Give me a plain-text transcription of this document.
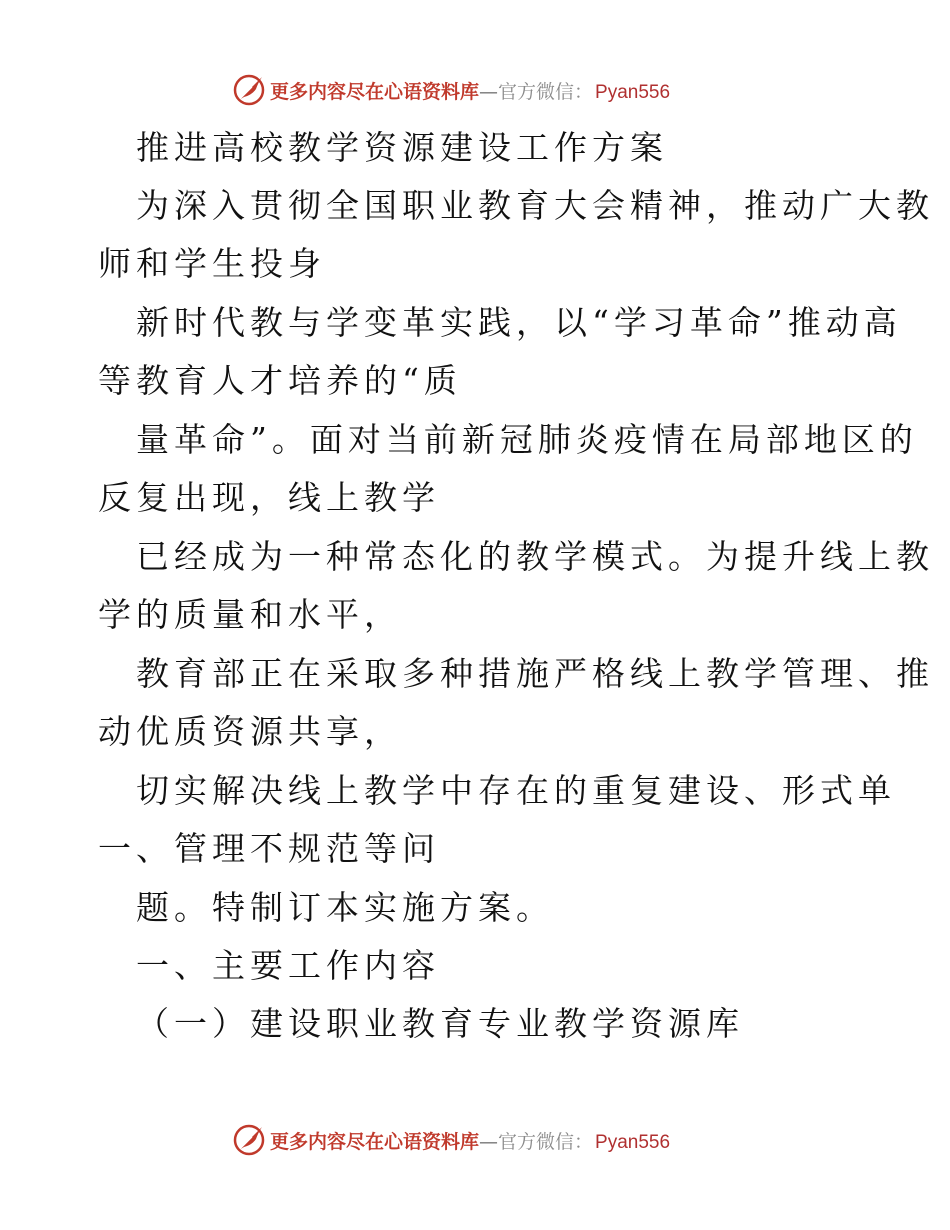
更多内容尽在心语资料库—官方微信： Pyan556
推进高校教学资源建设工作方案
为深入贯彻全国职业教育大会精神，推动广大教
师和学生投身
新时代教与学变革实践，以“学习革命”推动高
等教育人才培养的“质
量革命”。面对当前新冠肺炎疫情在局部地区的
反复出现，线上教学
已经成为一种常态化的教学模式。为提升线上教
学的质量和水平，
教育部正在采取多种措施严格线上教学管理、推
动优质资源共享，
切实解决线上教学中存在的重复建设、形式单
一、管理不规范等问
题。特制订本实施方案。
一、主要工作内容
（一）建设职业教育专业教学资源库
更多内容尽在心语资料库—官方微信： Pyan556
